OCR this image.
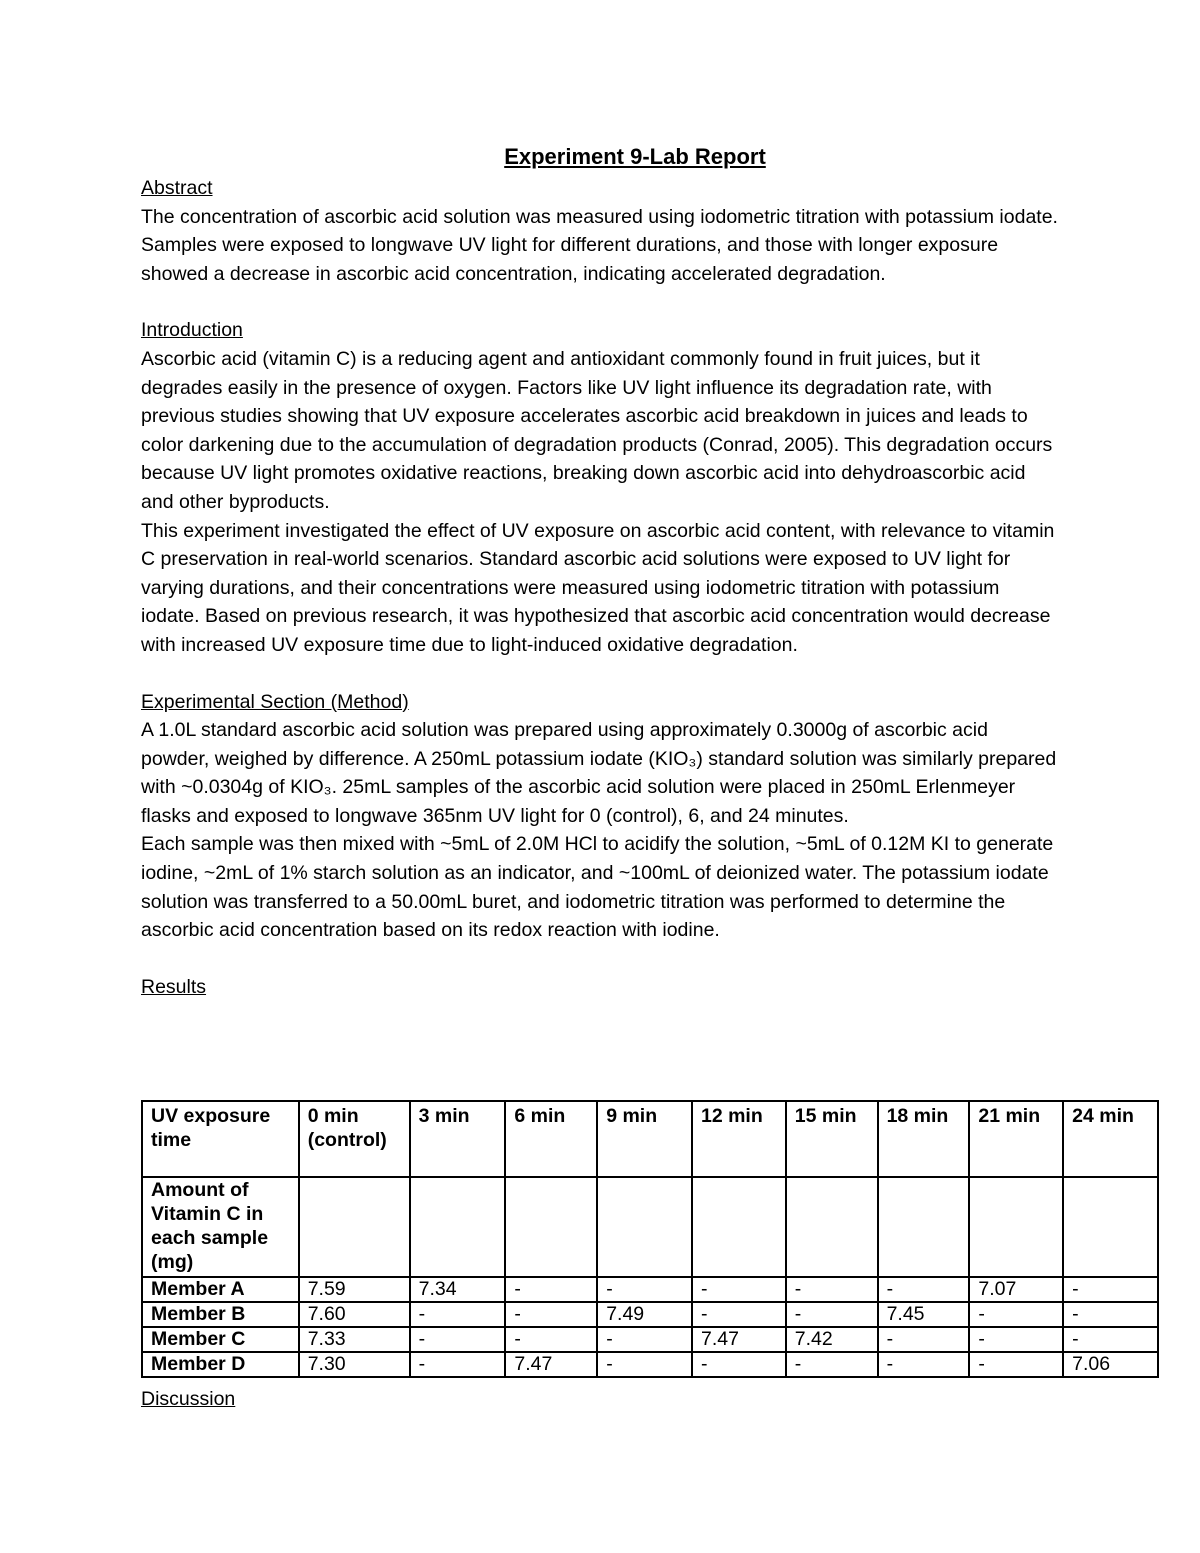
Experiment 9-Lab Report

Abstract

The concentration of ascorbic acid solution was measured using iodometric titration with potassium iodate. Samples were exposed to longwave UV light for different durations, and those with longer exposure showed a decrease in ascorbic acid concentration, indicating accelerated degradation.

Introduction

Ascorbic acid (vitamin C) is a reducing agent and antioxidant commonly found in fruit juices, but it degrades easily in the presence of oxygen. Factors like UV light influence its degradation rate, with previous studies showing that UV exposure accelerates ascorbic acid breakdown in juices and leads to color darkening due to the accumulation of degradation products (Conrad, 2005). This degradation occurs because UV light promotes oxidative reactions, breaking down ascorbic acid into dehydroascorbic acid and other byproducts.

This experiment investigated the effect of UV exposure on ascorbic acid content, with relevance to vitamin C preservation in real-world scenarios. Standard ascorbic acid solutions were exposed to UV light for varying durations, and their concentrations were measured using iodometric titration with potassium iodate. Based on previous research, it was hypothesized that ascorbic acid concentration would decrease with increased UV exposure time due to light-induced oxidative degradation.

Experimental Section (Method)

A 1.0L standard ascorbic acid solution was prepared using approximately 0.3000g of ascorbic acid powder, weighed by difference. A 250mL potassium iodate (KIO₃) standard solution was similarly prepared with ~0.0304g of KIO₃. 25mL samples of the ascorbic acid solution were placed in 250mL Erlenmeyer flasks and exposed to longwave 365nm UV light for 0 (control), 6, and 24 minutes.

Each sample was then mixed with ~5mL of 2.0M HCl to acidify the solution, ~5mL of 0.12M KI to generate iodine, ~2mL of 1% starch solution as an indicator, and ~100mL of deionized water. The potassium iodate solution was transferred to a 50.00mL buret, and iodometric titration was performed to determine the ascorbic acid concentration based on its redox reaction with iodine.

Results

UV exposure time	0 min (control)	3 min	6 min	9 min	12 min	15 min	18 min	21 min	24 min
Amount of Vitamin C in each sample (mg)									
Member A	7.59	7.34	-	-	-	-	-	7.07	-
Member B	7.60	-	-	7.49	-	-	7.45	-	-
Member C	7.33	-	-	-	7.47	7.42	-	-	-
Member D	7.30	-	7.47	-	-	-	-	-	7.06
Discussion
